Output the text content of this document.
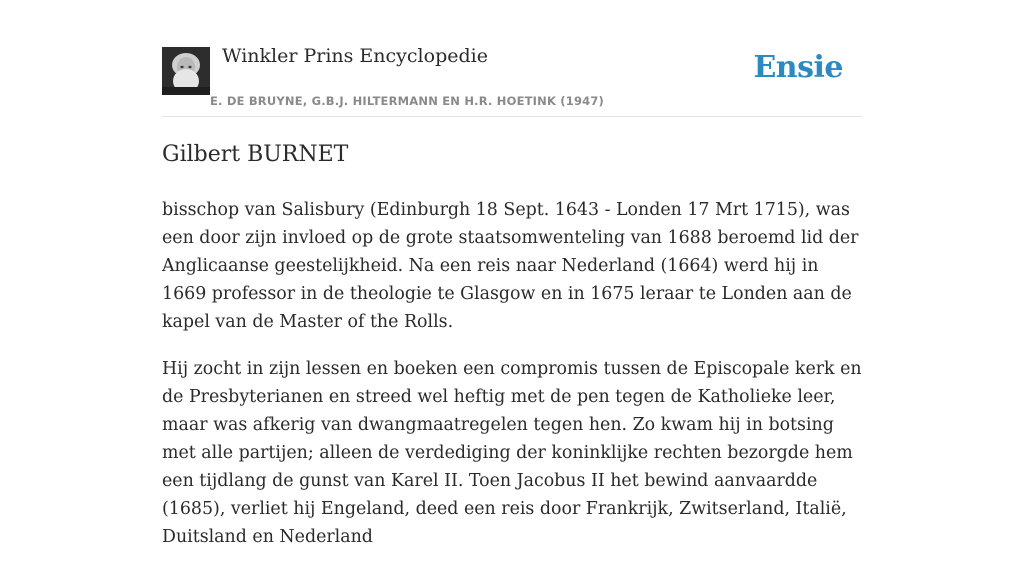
Winkler Prins Encyclopedie
E. DE BRUYNE, G.B.J. HILTERMANN EN H.R. HOETINK (1947)
Ensie
Gilbert BURNET

bisschop van Salisbury (Edinburgh 18 Sept. 1643 - Londen 17 Mrt 1715), was een door zijn invloed op de grote staatsomwenteling van 1688 beroemd lid der Anglicaanse geestelijkheid. Na een reis naar Nederland (1664) werd hij in 1669 professor in de theologie te Glasgow en in 1675 leraar te Londen aan de kapel van de Master of the Rolls.

Hij zocht in zijn lessen en boeken een compromis tussen de Episcopale kerk en de Presbyterianen en streed wel heftig met de pen tegen de Katholieke leer, maar was afkerig van dwangmaatregelen tegen hen. Zo kwam hij in botsing met alle partijen; alleen de verdediging der koninklijke rechten bezorgde hem een tijdlang de gunst van Karel II. Toen Jacobus II het bewind aanvaardde (1685), verliet hij Engeland, deed een reis door Frankrijk, Zwitserland, Italië, Duitsland en Nederland
